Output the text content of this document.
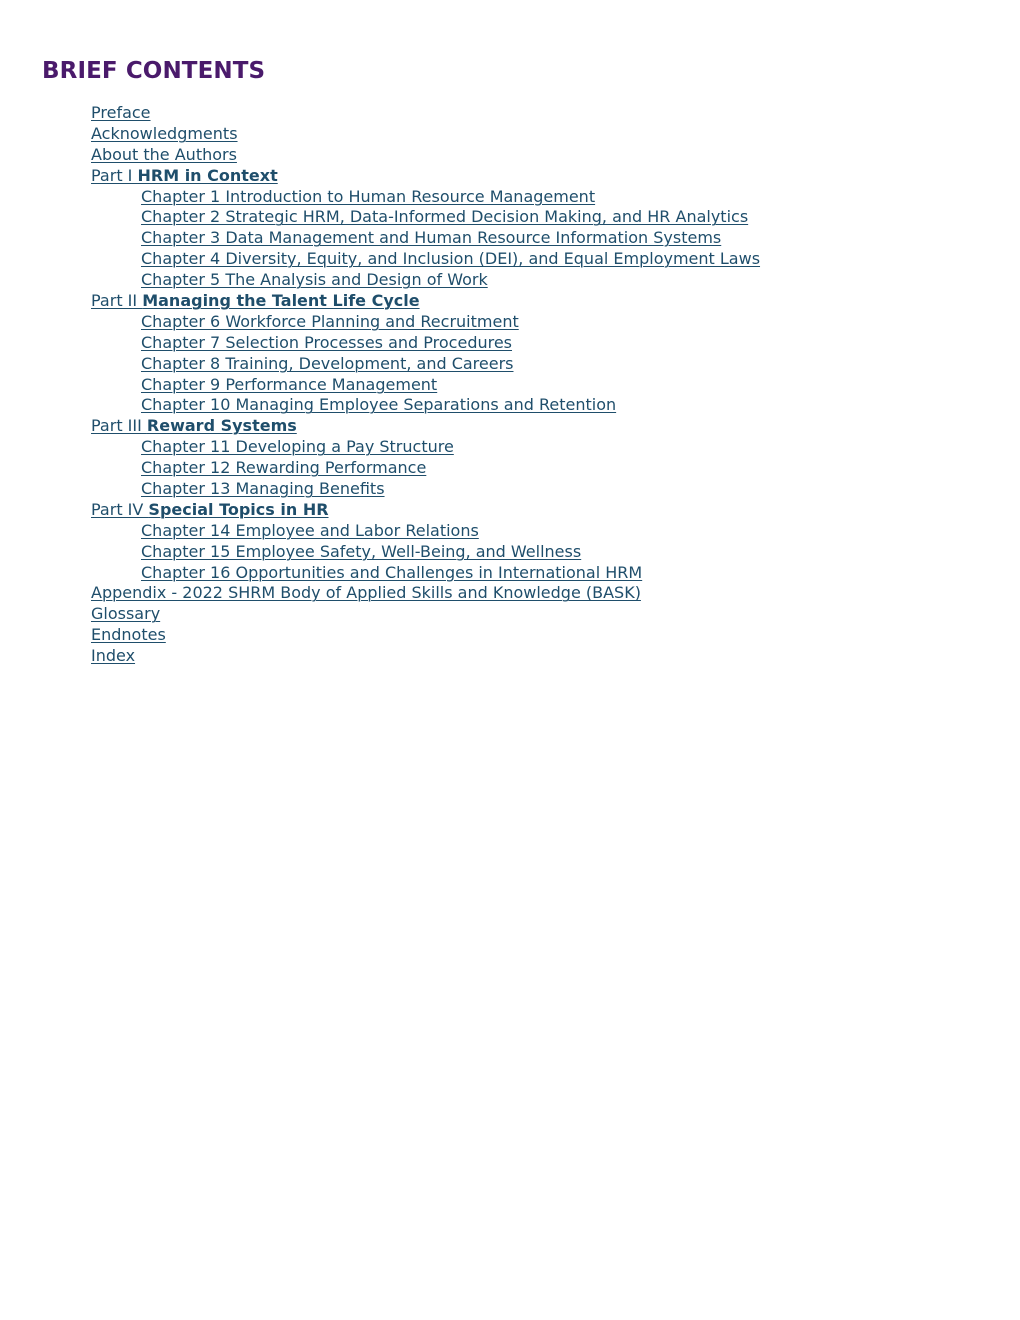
BRIEF CONTENTS
Preface
Acknowledgments
About the Authors
Part I HRM in Context
Chapter 1 Introduction to Human Resource Management
Chapter 2 Strategic HRM, Data-Informed Decision Making, and HR Analytics
Chapter 3 Data Management and Human Resource Information Systems
Chapter 4 Diversity, Equity, and Inclusion (DEI), and Equal Employment Laws
Chapter 5 The Analysis and Design of Work
Part II Managing the Talent Life Cycle
Chapter 6 Workforce Planning and Recruitment
Chapter 7 Selection Processes and Procedures
Chapter 8 Training, Development, and Careers
Chapter 9 Performance Management
Chapter 10 Managing Employee Separations and Retention
Part III Reward Systems
Chapter 11 Developing a Pay Structure
Chapter 12 Rewarding Performance
Chapter 13 Managing Benefits
Part IV Special Topics in HR
Chapter 14 Employee and Labor Relations
Chapter 15 Employee Safety, Well-Being, and Wellness
Chapter 16 Opportunities and Challenges in International HRM
Appendix - 2022 SHRM Body of Applied Skills and Knowledge (BASK)
Glossary
Endnotes
Index
